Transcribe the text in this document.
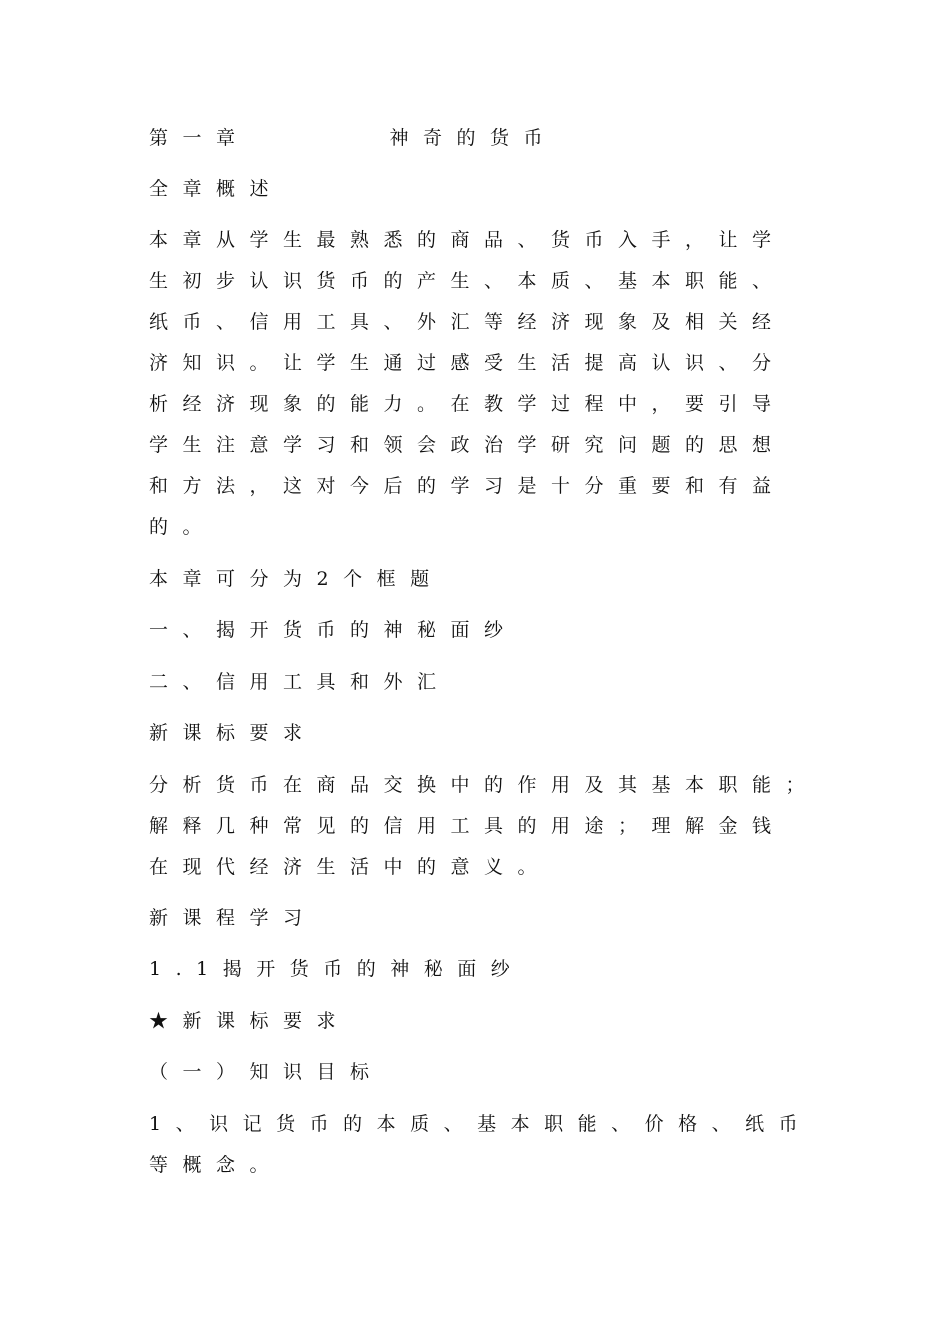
第一章	神奇的货币
全章概述
本章从学生最熟悉的商品、货币入手，让学
生初步认识货币的产生、本质、基本职能、
纸币、信用工具、外汇等经济现象及相关经
济知识。让学生通过感受生活提高认识、分
析经济现象的能力。在教学过程中，要引导
学生注意学习和领会政治学研究问题的思想
和方法，这对今后的学习是十分重要和有益
的。
本章可分为2个框题
一、揭开货币的神秘面纱
二、信用工具和外汇
新课标要求
分析货币在商品交换中的作用及其基本职能；
解释几种常见的信用工具的用途；理解金钱
在现代经济生活中的意义。
新课程学习
1.1揭开货币的神秘面纱
★新课标要求
（一）知识目标
1、识记货币的本质、基本职能、价格、纸币
等概念。
